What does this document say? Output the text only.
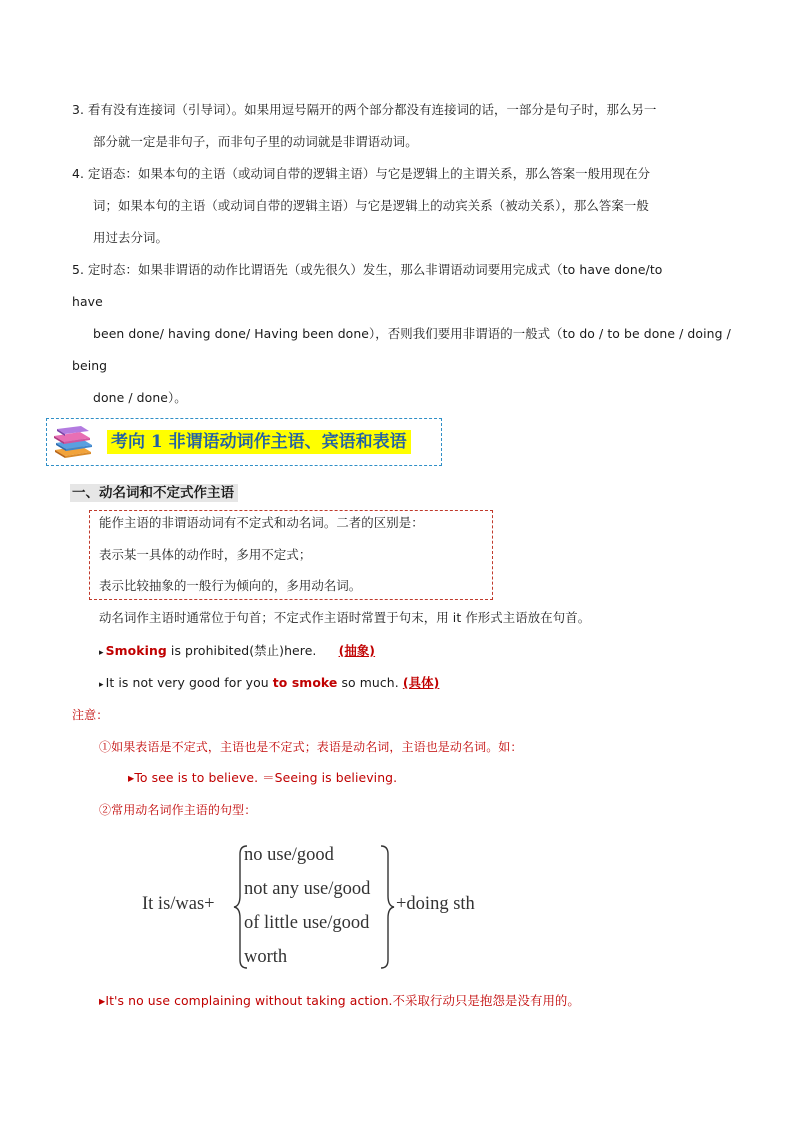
3. 看有没有连接词（引导词）。如果用逗号隔开的两个部分都没有连接词的话，一部分是句子时，那么另一
部分就一定是非句子，而非句子里的动词就是非谓语动词。
4. 定语态：如果本句的主语（或动词自带的逻辑主语）与它是逻辑上的主谓关系，那么答案一般用现在分
词；如果本句的主语（或动词自带的逻辑主语）与它是逻辑上的动宾关系（被动关系），那么答案一般
用过去分词。
5. 定时态：如果非谓语的动作比谓语先（或先很久）发生，那么非谓语动词要用完成式（to have done/to
have
been done/ having done/ Having been done），否则我们要用非谓语的一般式（to do / to be done / doing /
being
done / done）。
考向 1 非谓语动词作主语、宾语和表语
一、动名词和不定式作主语
能作主语的非谓语动词有不定式和动名词。二者的区别是：
表示某一具体的动作时，多用不定式；
表示比较抽象的一般行为倾向的，多用动名词。
动名词作主语时通常位于句首；不定式作主语时常置于句末，用 it 作形式主语放在句首。
▸ Smoking is prohibited(禁止)here. (抽象)
▸ It is not very good for you to smoke so much. (具体)
注意：
①如果表语是不定式，主语也是不定式；表语是动名词，主语也是动名词。如：
▸To see is to believe. ＝Seeing is believing.
②常用动名词作主语的句型：
It is/was+
no use/good
not any use/good
of little use/good
worth
+doing sth
▸It's no use complaining without taking action.不采取行动只是抱怨是没有用的。
